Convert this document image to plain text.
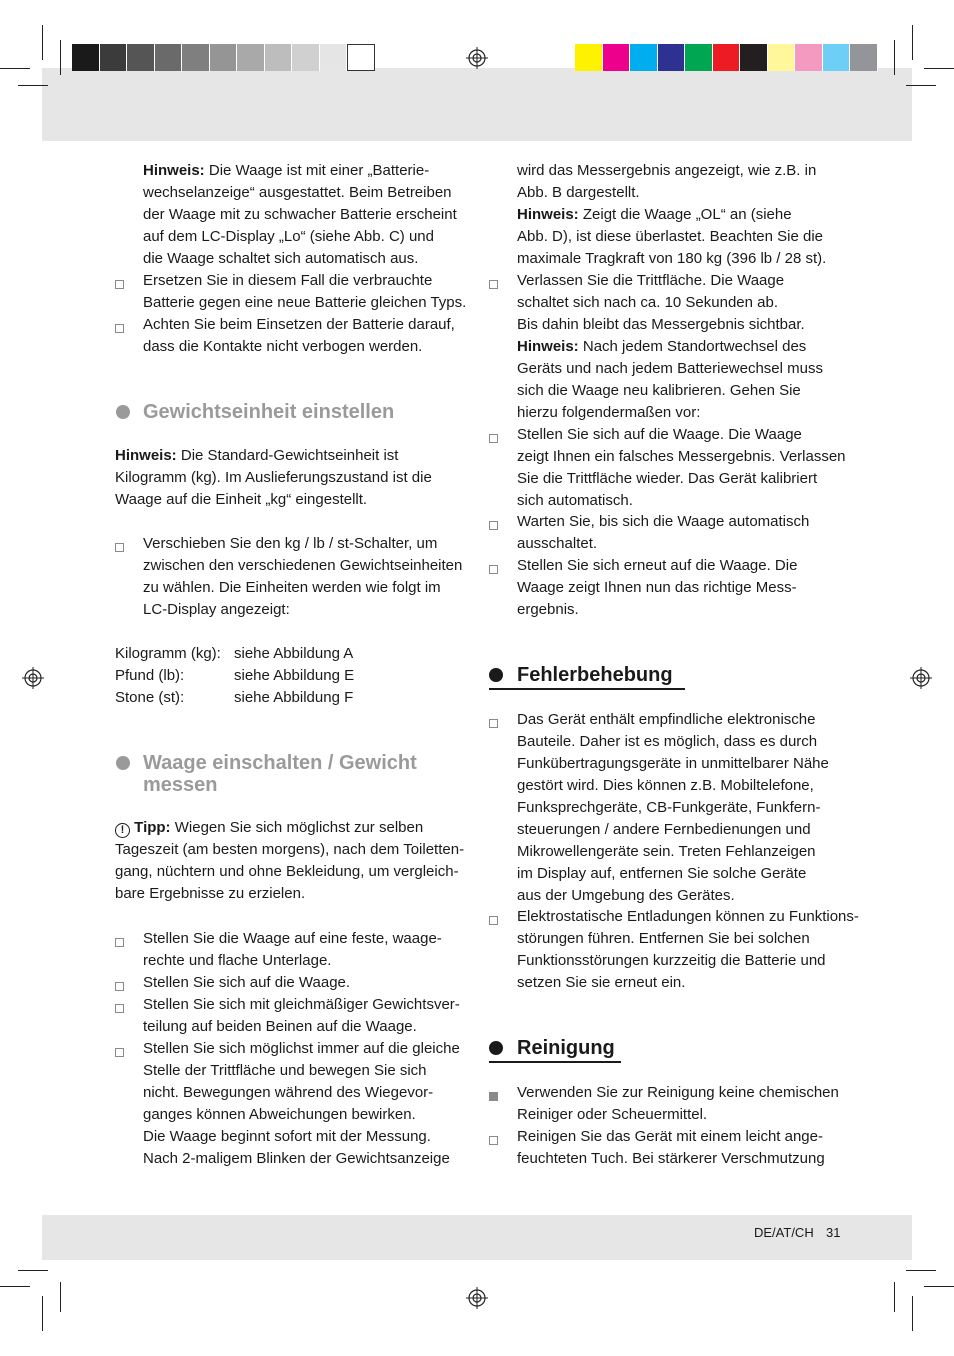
Hinweis: Die Waage ist mit einer „Batterie-
wechselanzeige“ ausgestattet. Beim Betreiben
der Waage mit zu schwacher Batterie erscheint
auf dem LC-Display „Lo“ (siehe Abb. C) und
die Waage schaltet sich automatisch aus.
Ersetzen Sie in diesem Fall die verbrauchte
Batterie gegen eine neue Batterie gleichen Typs.
Achten Sie beim Einsetzen der Batterie darauf,
dass die Kontakte nicht verbogen werden.
Gewichtseinheit einstellen
Hinweis: Die Standard-Gewichtseinheit ist
Kilogramm (kg). Im Auslieferungszustand ist die
Waage auf die Einheit „kg“ eingestellt.
Verschieben Sie den kg / lb / st-Schalter, um
zwischen den verschiedenen Gewichtseinheiten
zu wählen. Die Einheiten werden wie folgt im
LC-Display angezeigt:
Kilogramm (kg): siehe Abbildung A
Pfund (lb):	siehe Abbildung E
Stone (st):	siehe Abbildung F
Waage einschalten / Gewicht
messen
! Tipp: Wiegen Sie sich möglichst zur selben
Tageszeit (am besten morgens), nach dem Toiletten-
gang, nüchtern und ohne Bekleidung, um vergleich-
bare Ergebnisse zu erzielen.
Stellen Sie die Waage auf eine feste, waage-
rechte und flache Unterlage.
Stellen Sie sich auf die Waage.
Stellen Sie sich mit gleichmäßiger Gewichtsver-
teilung auf beiden Beinen auf die Waage.
Stellen Sie sich möglichst immer auf die gleiche
Stelle der Trittfläche und bewegen Sie sich
nicht. Bewegungen während des Wiegevor-
ganges können Abweichungen bewirken.
Die Waage beginnt sofort mit der Messung.
Nach 2-maligem Blinken der Gewichtsanzeige
wird das Messergebnis angezeigt, wie z.B. in
Abb. B dargestellt.
Hinweis: Zeigt die Waage „OL“ an (siehe
Abb. D), ist diese überlastet. Beachten Sie die
maximale Tragkraft von 180 kg (396 lb / 28 st).
Verlassen Sie die Trittfläche. Die Waage
schaltet sich nach ca. 10 Sekunden ab.
Bis dahin bleibt das Messergebnis sichtbar.
Hinweis: Nach jedem Standortwechsel des
Geräts und nach jedem Batteriewechsel muss
sich die Waage neu kalibrieren. Gehen Sie
hierzu folgendermaßen vor:
Stellen Sie sich auf die Waage. Die Waage
zeigt Ihnen ein falsches Messergebnis. Verlassen
Sie die Trittfläche wieder. Das Gerät kalibriert
sich automatisch.
Warten Sie, bis sich die Waage automatisch
ausschaltet.
Stellen Sie sich erneut auf die Waage. Die
Waage zeigt Ihnen nun das richtige Mess-
ergebnis.
Fehlerbehebung
Das Gerät enthält empfindliche elektronische
Bauteile. Daher ist es möglich, dass es durch
Funkübertragungsgeräte in unmittelbarer Nähe
gestört wird. Dies können z.B. Mobiltelefone,
Funksprechgeräte, CB-Funkgeräte, Funkfern-
steuerungen / andere Fernbedienungen und
Mikrowellengeräte sein. Treten Fehlanzeigen
im Display auf, entfernen Sie solche Geräte
aus der Umgebung des Gerätes.
Elektrostatische Entladungen können zu Funktions-
störungen führen. Entfernen Sie bei solchen
Funktionsstörungen kurzzeitig die Batterie und
setzen Sie sie erneut ein.
Reinigung
Verwenden Sie zur Reinigung keine chemischen
Reiniger oder Scheuermittel.
Reinigen Sie das Gerät mit einem leicht ange-
feuchteten Tuch. Bei stärkerer Verschmutzung
DE/AT/CH 31
